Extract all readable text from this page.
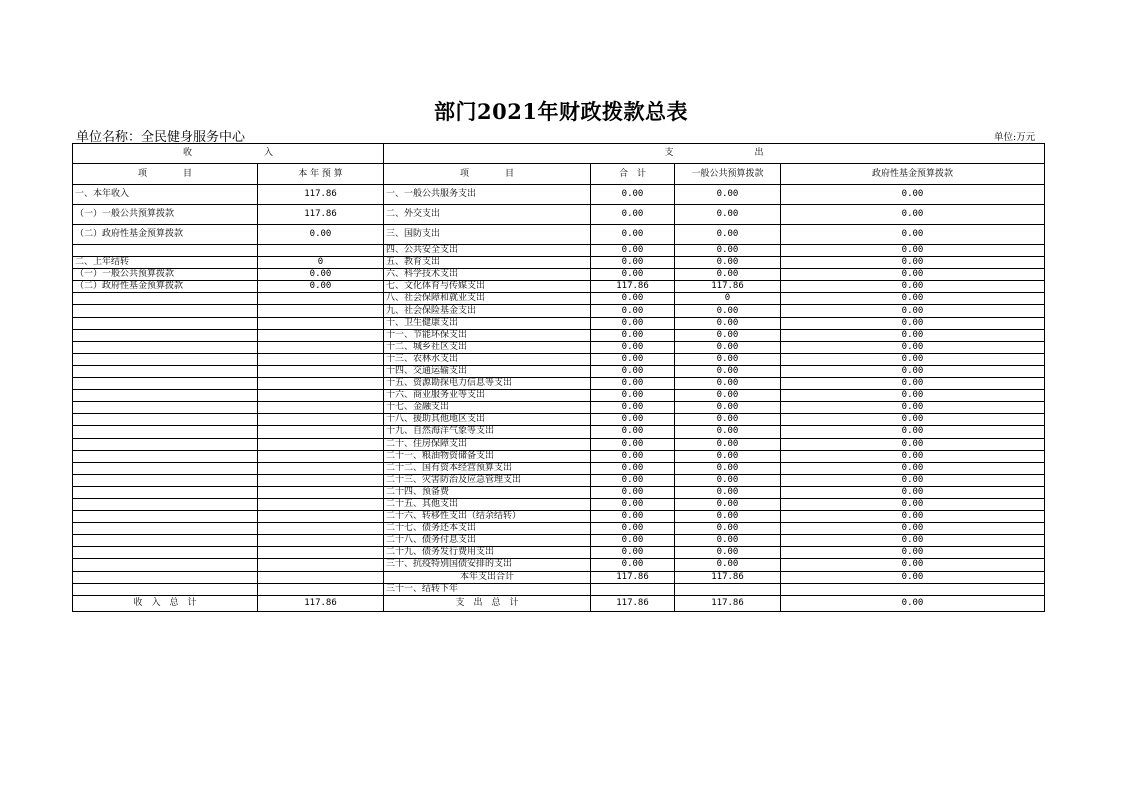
部门2021年财政拨款总表
单位名称：全民健身服务中心	单位:万元
收　　　　　　　　入		支　　　　　　　　　出			
项　　　　目	本 年 预 算	项　　　　目	合　计	一般公共预算拨款	政府性基金预算拨款
一、本年收入	117.86	一、一般公共服务支出	0.00	0.00	0.00
（一）一般公共预算拨款	117.86	二、外交支出	0.00	0.00	0.00
（二）政府性基金预算拨款	0.00	三、国防支出	0.00	0.00	0.00
		四、公共安全支出	0.00	0.00	0.00
二、上年结转	0	五、教育支出	0.00	0.00	0.00
（一）一般公共预算拨款	0.00	六、科学技术支出	0.00	0.00	0.00
（二）政府性基金预算拨款	0.00	七、文化体育与传媒支出	117.86	117.86	0.00
		八、社会保障和就业支出	0.00	0	0.00
		九、社会保险基金支出	0.00	0.00	0.00
		十、卫生健康支出	0.00	0.00	0.00
		十一、节能环保支出	0.00	0.00	0.00
		十二、城乡社区支出	0.00	0.00	0.00
		十三、农林水支出	0.00	0.00	0.00
		十四、交通运输支出	0.00	0.00	0.00
		十五、资源勘探电力信息等支出	0.00	0.00	0.00
		十六、商业服务业等支出	0.00	0.00	0.00
		十七、金融支出	0.00	0.00	0.00
		十八、援助其他地区支出	0.00	0.00	0.00
		十九、自然海洋气象等支出	0.00	0.00	0.00
		二十、住房保障支出	0.00	0.00	0.00
		二十一、粮油物资储备支出	0.00	0.00	0.00
		二十二、国有资本经营预算支出	0.00	0.00	0.00
		二十三、灾害防治及应急管理支出	0.00	0.00	0.00
		二十四、预备费	0.00	0.00	0.00
		二十五、其他支出	0.00	0.00	0.00
		二十六、转移性支出（结余结转）	0.00	0.00	0.00
		二十七、债务还本支出	0.00	0.00	0.00
		二十八、债务付息支出	0.00	0.00	0.00
		二十九、债务发行费用支出	0.00	0.00	0.00
		三十、抗疫特别国债安排的支出	0.00	0.00	0.00
		本年支出合计	117.86	117.86	0.00
		三十一、结转下年			
收　入　总　计	117.86	支　出　总　计	117.86	117.86	0.00
